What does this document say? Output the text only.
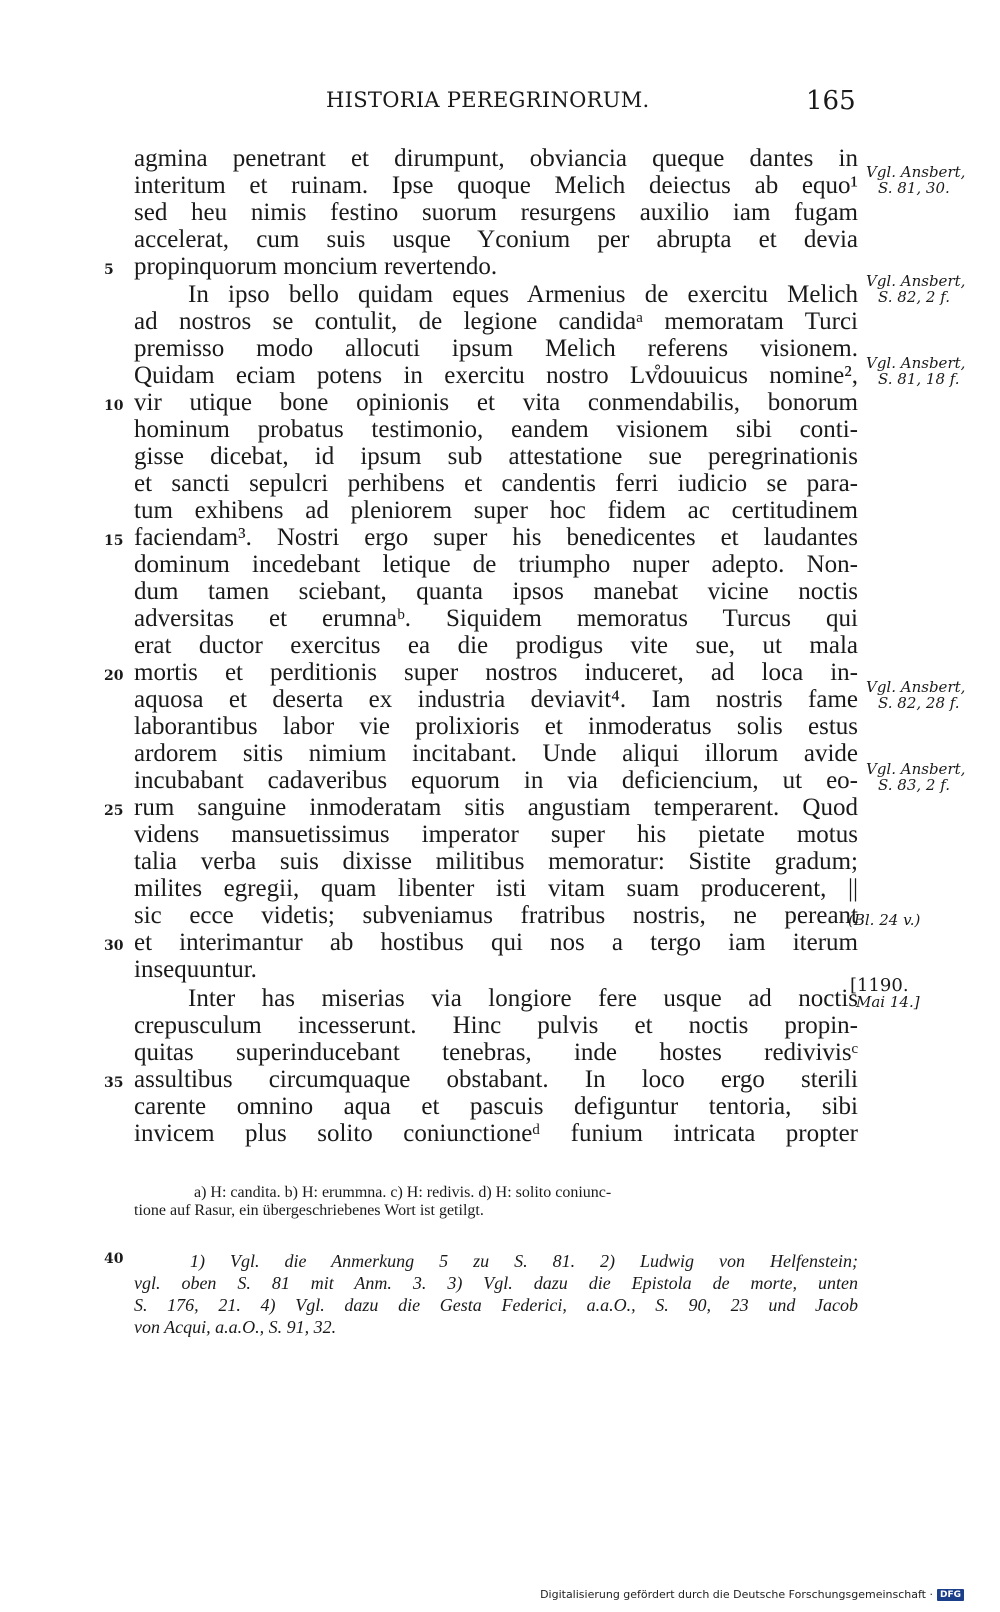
HISTORIA PEREGRINORUM.	165
agmina penetrant et dirumpunt, obviancia queque dantes in
interitum et ruinam. Ipse quoque Melich deiectus ab equo¹
sed heu nimis festino suorum resurgens auxilio iam fugam
accelerat, cum suis usque Yconium per abrupta et devia
propinquorum moncium revertendo.
In ipso bello quidam eques Armenius de exercitu Melich
ad nostros se contulit, de legione candidaᵃ memoratam Turci
premisso modo allocuti ipsum Melich referens visionem.
Quidam eciam potens in exercitu nostro Lv̊douuicus nomine²,
vir utique bone opinionis et vita conmendabilis, bonorum
hominum probatus testimonio, eandem visionem sibi conti-
gisse dicebat, id ipsum sub attestatione sue peregrinationis
et sancti sepulcri perhibens et candentis ferri iudicio se para-
tum exhibens ad pleniorem super hoc fidem ac certitudinem
faciendam³. Nostri ergo super his benedicentes et laudantes
dominum incedebant letique de triumpho nuper adepto. Non-
dum tamen sciebant, quanta ipsos manebat vicine noctis
adversitas et erumnaᵇ. Siquidem memoratus Turcus qui
erat ductor exercitus ea die prodigus vite sue, ut mala
mortis et perditionis super nostros induceret, ad loca in-
aquosa et deserta ex industria deviavit⁴. Iam nostris fame
laborantibus labor vie prolixioris et inmoderatus solis estus
ardorem sitis nimium incitabant. Unde aliqui illorum avide
incubabant cadaveribus equorum in via deficiencium, ut eo-
rum sanguine inmoderatam sitis angustiam temperarent. Quod
videns mansuetissimus imperator super his pietate motus
talia verba suis dixisse militibus memoratur: Sistite gradum;
milites egregii, quam libenter isti vitam suam producerent, ||
sic ecce videtis; subveniamus fratribus nostris, ne pereant
et interimantur ab hostibus qui nos a tergo iam iterum
insequuntur.
Inter has miserias via longiore fere usque ad noctis
crepusculum incesserunt. Hinc pulvis et noctis propin-
quitas superinducebant tenebras, inde hostes redivivisᶜ
assultibus circumquaque obstabant. In loco ergo sterili
carente omnino aqua et pascuis defiguntur tentoria, sibi
invicem plus solito coniunctioneᵈ funium intricata propter
5
10
15
20
25
30
35
40
Vgl. Ansbert,
S. 81, 30.
Vgl. Ansbert,
S. 82, 2 f.
Vgl. Ansbert,
S. 81, 18 f.
Vgl. Ansbert,
S. 82, 28 f.
Vgl. Ansbert,
S. 83, 2 f.
(Bl. 24 v.)
[1190.
Mai 14.]
a) H: candita. b) H: erummna. c) H: redivis. d) H: solito coniunc-
tione auf Rasur, ein übergeschriebenes Wort ist getilgt.
1) Vgl. die Anmerkung 5 zu S. 81. 2) Ludwig von Helfenstein;
vgl. oben S. 81 mit Anm. 3. 3) Vgl. dazu die Epistola de morte, unten
S. 176, 21. 4) Vgl. dazu die Gesta Federici, a.a.O., S. 90, 23 und Jacob
von Acqui, a.a.O., S. 91, 32.
Digitalisierung gefördert durch die Deutsche Forschungsgemeinschaft · DFG
